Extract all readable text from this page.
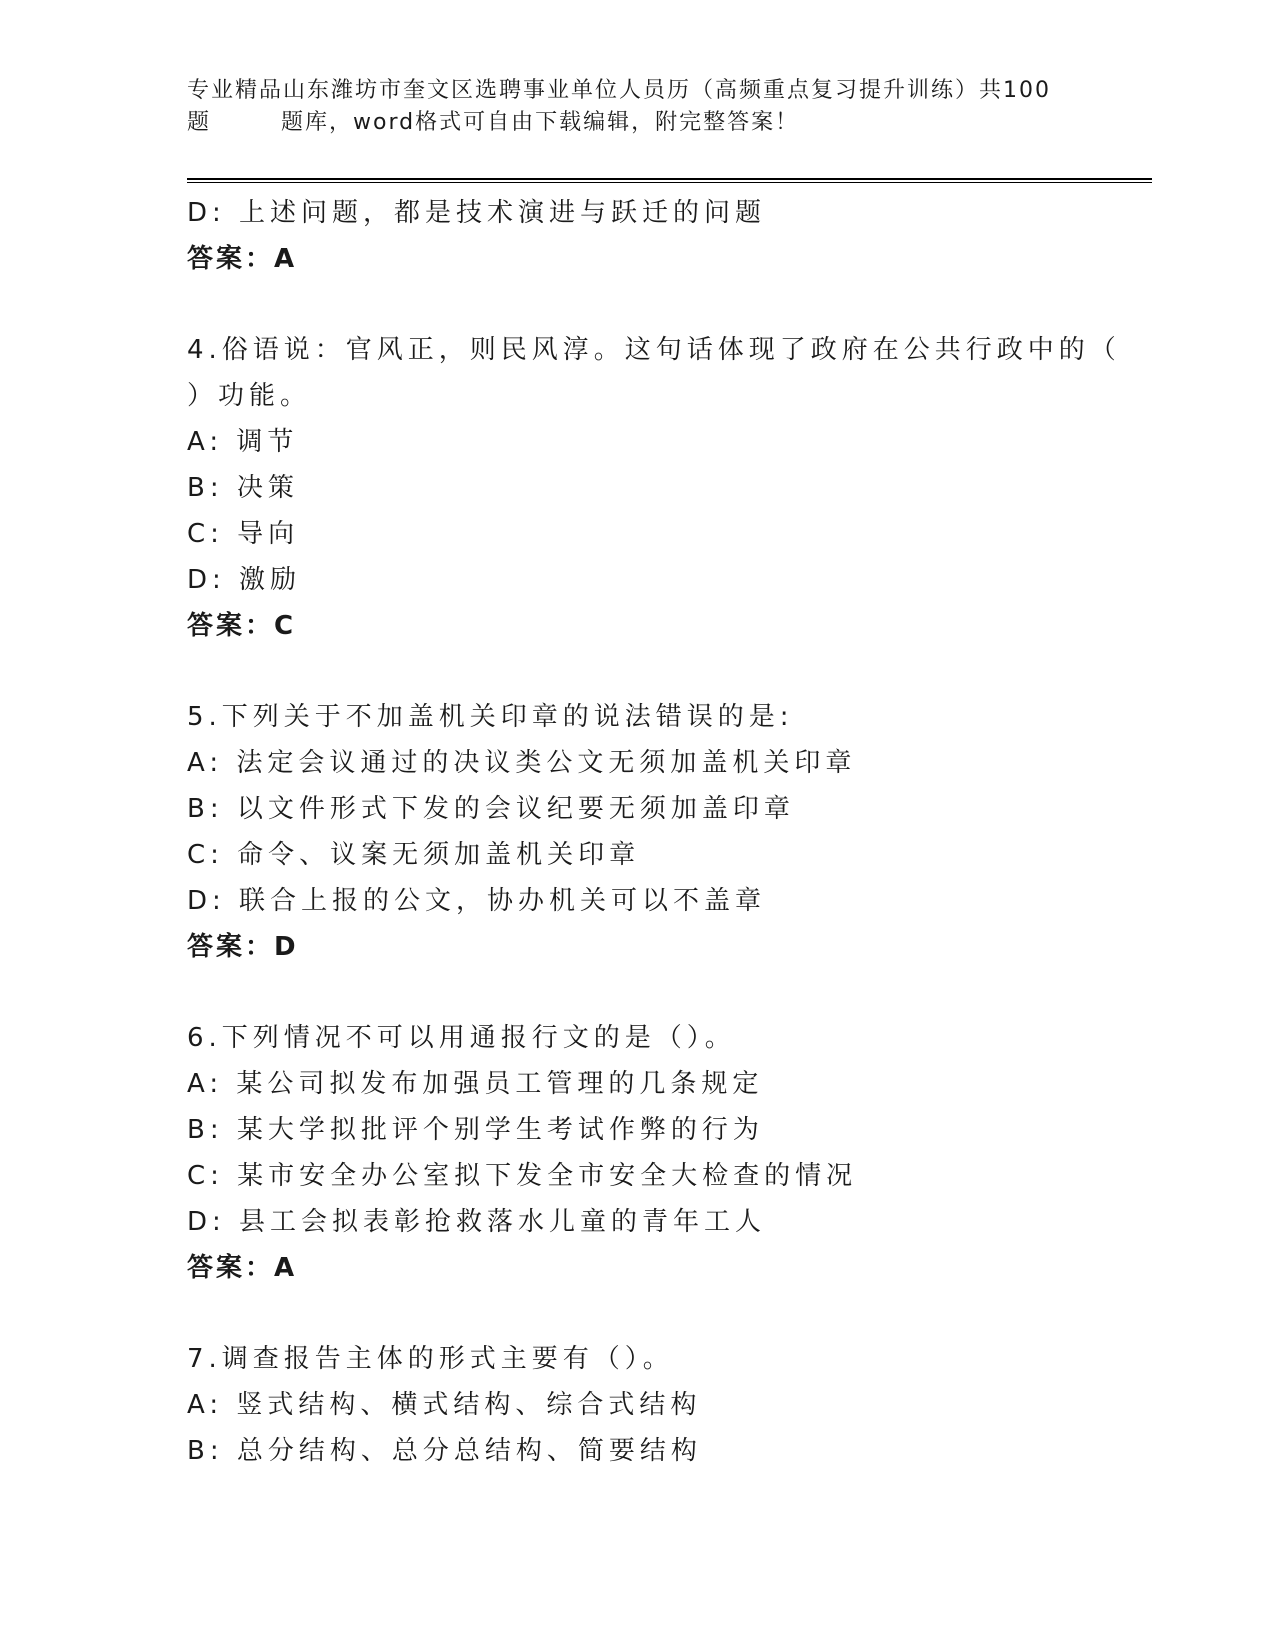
专业精品山东潍坊市奎文区选聘事业单位人员历（高频重点复习提升训练）共100
题	题库，word格式可自由下载编辑，附完整答案！
D: 上述问题，都是技术演进与跃迁的问题
答案：A
4.俗语说：官风正，则民风淳。这句话体现了政府在公共行政中的（
）功能。
A: 调节
B: 决策
C: 导向
D: 激励
答案：C
5.下列关于不加盖机关印章的说法错误的是:
A: 法定会议通过的决议类公文无须加盖机关印章
B: 以文件形式下发的会议纪要无须加盖印章
C: 命令、议案无须加盖机关印章
D: 联合上报的公文，协办机关可以不盖章
答案：D
6.下列情况不可以用通报行文的是（）。
A: 某公司拟发布加强员工管理的几条规定
B: 某大学拟批评个别学生考试作弊的行为
C: 某市安全办公室拟下发全市安全大检查的情况
D: 县工会拟表彰抢救落水儿童的青年工人
答案：A
7.调查报告主体的形式主要有（）。
A: 竖式结构、横式结构、综合式结构
B: 总分结构、总分总结构、简要结构
